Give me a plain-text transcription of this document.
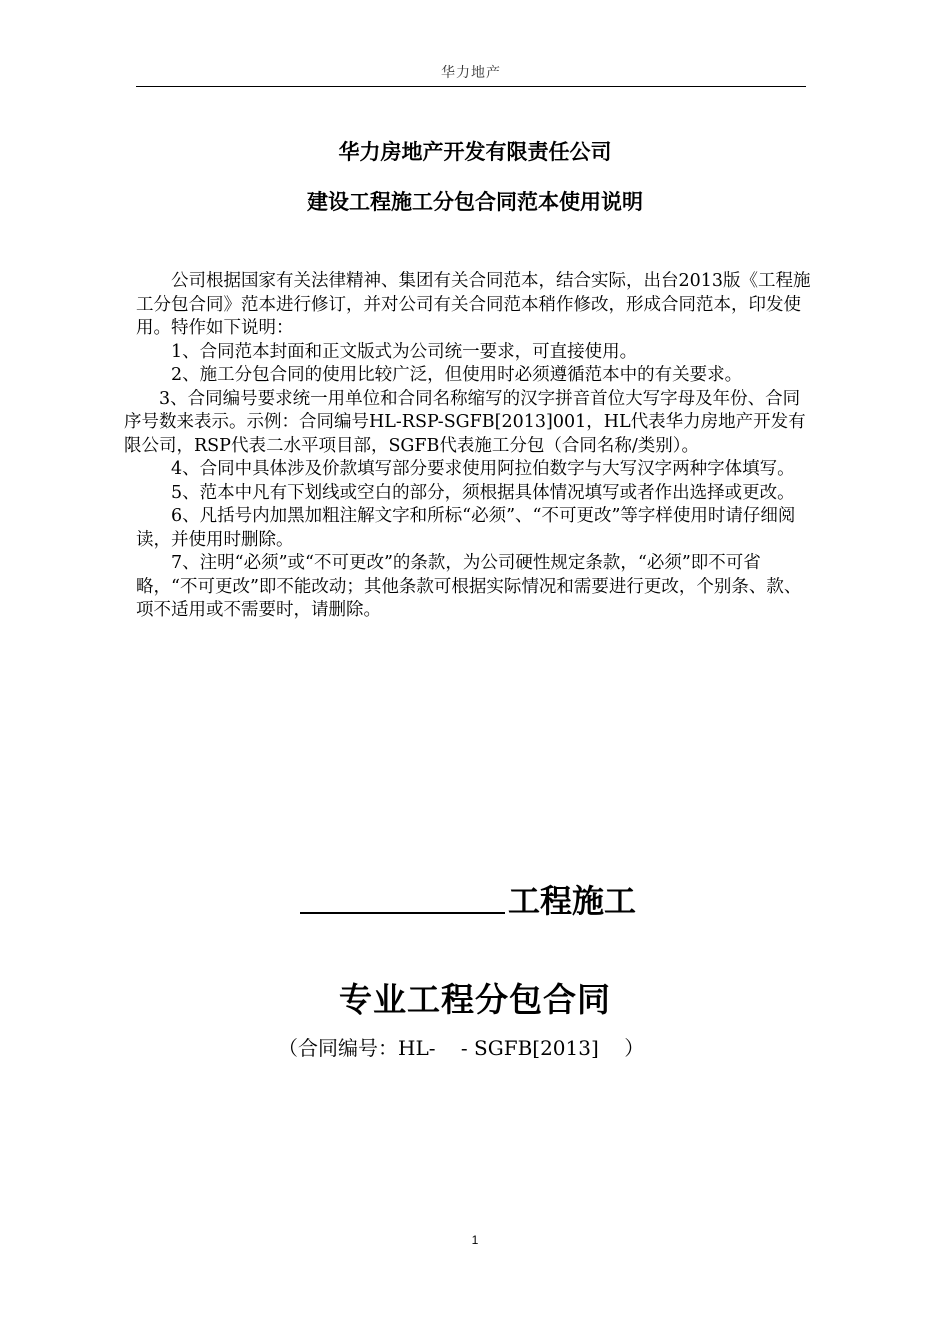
华力地产
华力房地产开发有限责任公司
建设工程施工分包合同范本使用说明

公司根据国家有关法律精神、集团有关合同范本，结合实际，出台2013版《工程施工分包合同》范本进行修订，并对公司有关合同范本稍作修改，形成合同范本，印发使用。特作如下说明：

1、合同范本封面和正文版式为公司统一要求，可直接使用。

2、施工分包合同的使用比较广泛，但使用时必须遵循范本中的有关要求。

3、合同编号要求统一用单位和合同名称缩写的汉字拼音首位大写字母及年份、合同序号数来表示。示例：合同编号HL-RSP-SGFB[2013]001，HL代表华力房地产开发有限公司，RSP代表二水平项目部，SGFB代表施工分包（合同名称/类别）。

4、合同中具体涉及价款填写部分要求使用阿拉伯数字与大写汉字两种字体填写。

5、范本中凡有下划线或空白的部分，须根据具体情况填写或者作出选择或更改。

6、凡括号内加黑加粗注解文字和所标“必须”、“不可更改”等字样使用时请仔细阅读，并使用时删除。

7、注明“必须”或“不可更改”的条款，为公司硬性规定条款，“必须”即不可省略，“不可更改”即不能改动；其他条款可根据实际情况和需要进行更改，个别条、款、项不适用或不需要时，请删除。

工程施工
专业工程分包合同
（合同编号：HL-    - SGFB[2013]    ）
1
